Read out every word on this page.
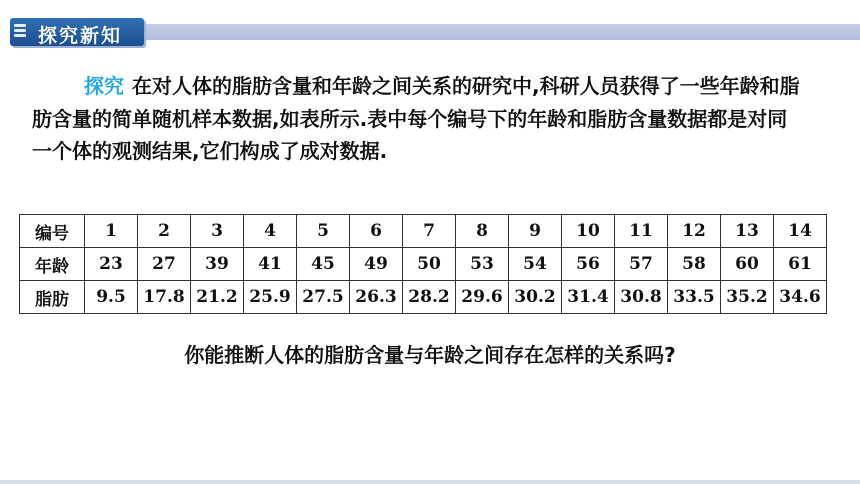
探究新知
探究 在对人体的脂肪含量和年龄之间关系的研究中,科研人员获得了一些年龄和脂肪含量的简单随机样本数据,如表所示.表中每个编号下的年龄和脂肪含量数据都是对同一个体的观测结果,它们构成了成对数据.
编号	1	2	3	4	5	6	7	8	9	10	11	12	13	14
年龄	23	27	39	41	45	49	50	53	54	56	57	58	60	61
脂肪	9.5	17.8	21.2	25.9	27.5	26.3	28.2	29.6	30.2	31.4	30.8	33.5	35.2	34.6
你能推断人体的脂肪含量与年龄之间存在怎样的关系吗?
